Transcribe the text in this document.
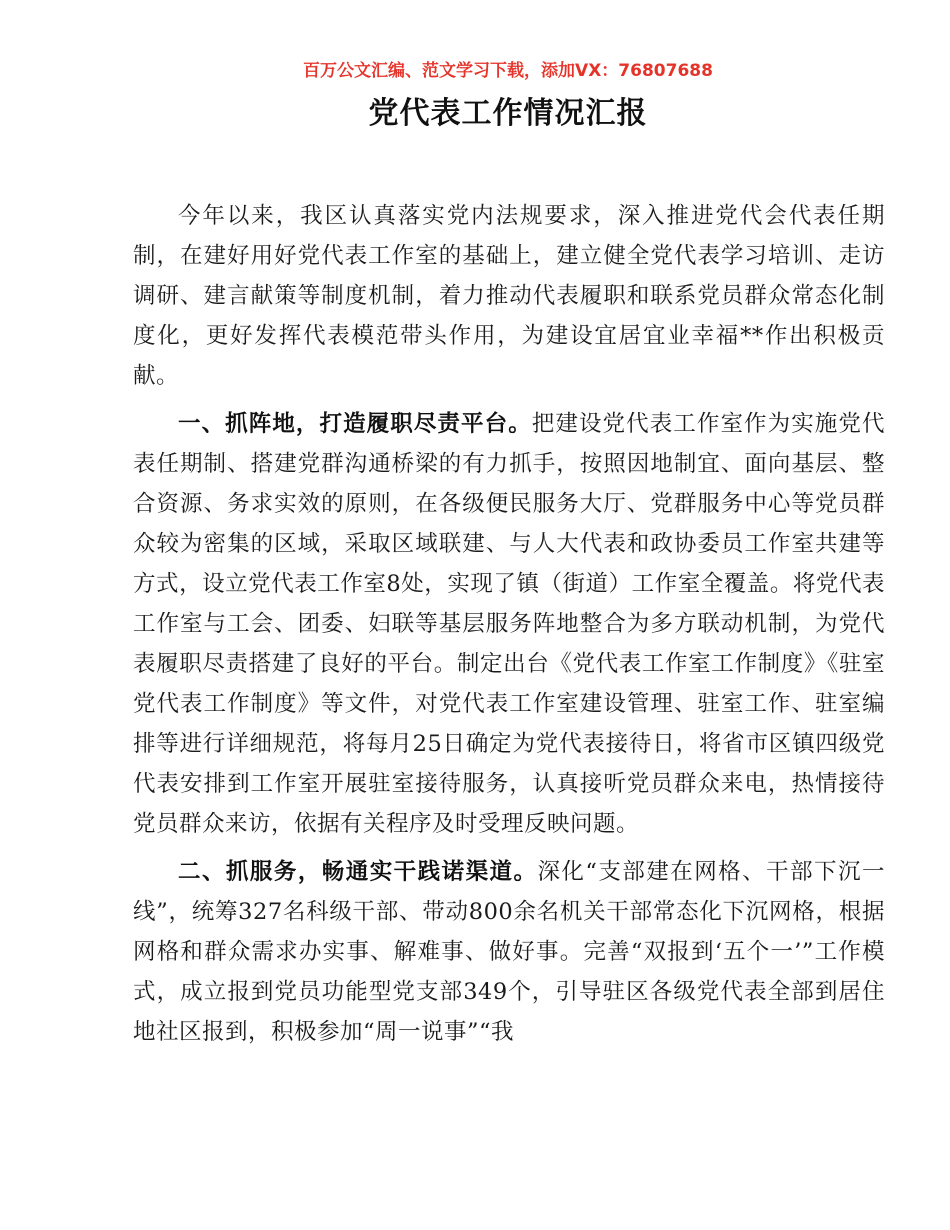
百万公文汇编、范文学习下载，添加VX：76807688
党代表工作情况汇报

今年以来，我区认真落实党内法规要求，深入推进党代会代表任期制，在建好用好党代表工作室的基础上，建立健全党代表学习培训、走访调研、建言献策等制度机制，着力推动代表履职和联系党员群众常态化制度化，更好发挥代表模范带头作用，为建设宜居宜业幸福**作出积极贡献。

一、抓阵地，打造履职尽责平台。把建设党代表工作室作为实施党代表任期制、搭建党群沟通桥梁的有力抓手，按照因地制宜、面向基层、整合资源、务求实效的原则，在各级便民服务大厅、党群服务中心等党员群众较为密集的区域，采取区域联建、与人大代表和政协委员工作室共建等方式，设立党代表工作室8处，实现了镇（街道）工作室全覆盖。将党代表工作室与工会、团委、妇联等基层服务阵地整合为多方联动机制，为党代表履职尽责搭建了良好的平台。制定出台《党代表工作室工作制度》《驻室党代表工作制度》等文件，对党代表工作室建设管理、驻室工作、驻室编排等进行详细规范，将每月25日确定为党代表接待日，将省市区镇四级党代表安排到工作室开展驻室接待服务，认真接听党员群众来电，热情接待党员群众来访，依据有关程序及时受理反映问题。

二、抓服务，畅通实干践诺渠道。深化“支部建在网格、干部下沉一线”，统筹327名科级干部、带动800余名机关干部常态化下沉网格，根据网格和群众需求办实事、解难事、做好事。完善“双报到‘五个一’”工作模式，成立报到党员功能型党支部349个，引导驻区各级党代表全部到居住地社区报到，积极参加“周一说事”“我
